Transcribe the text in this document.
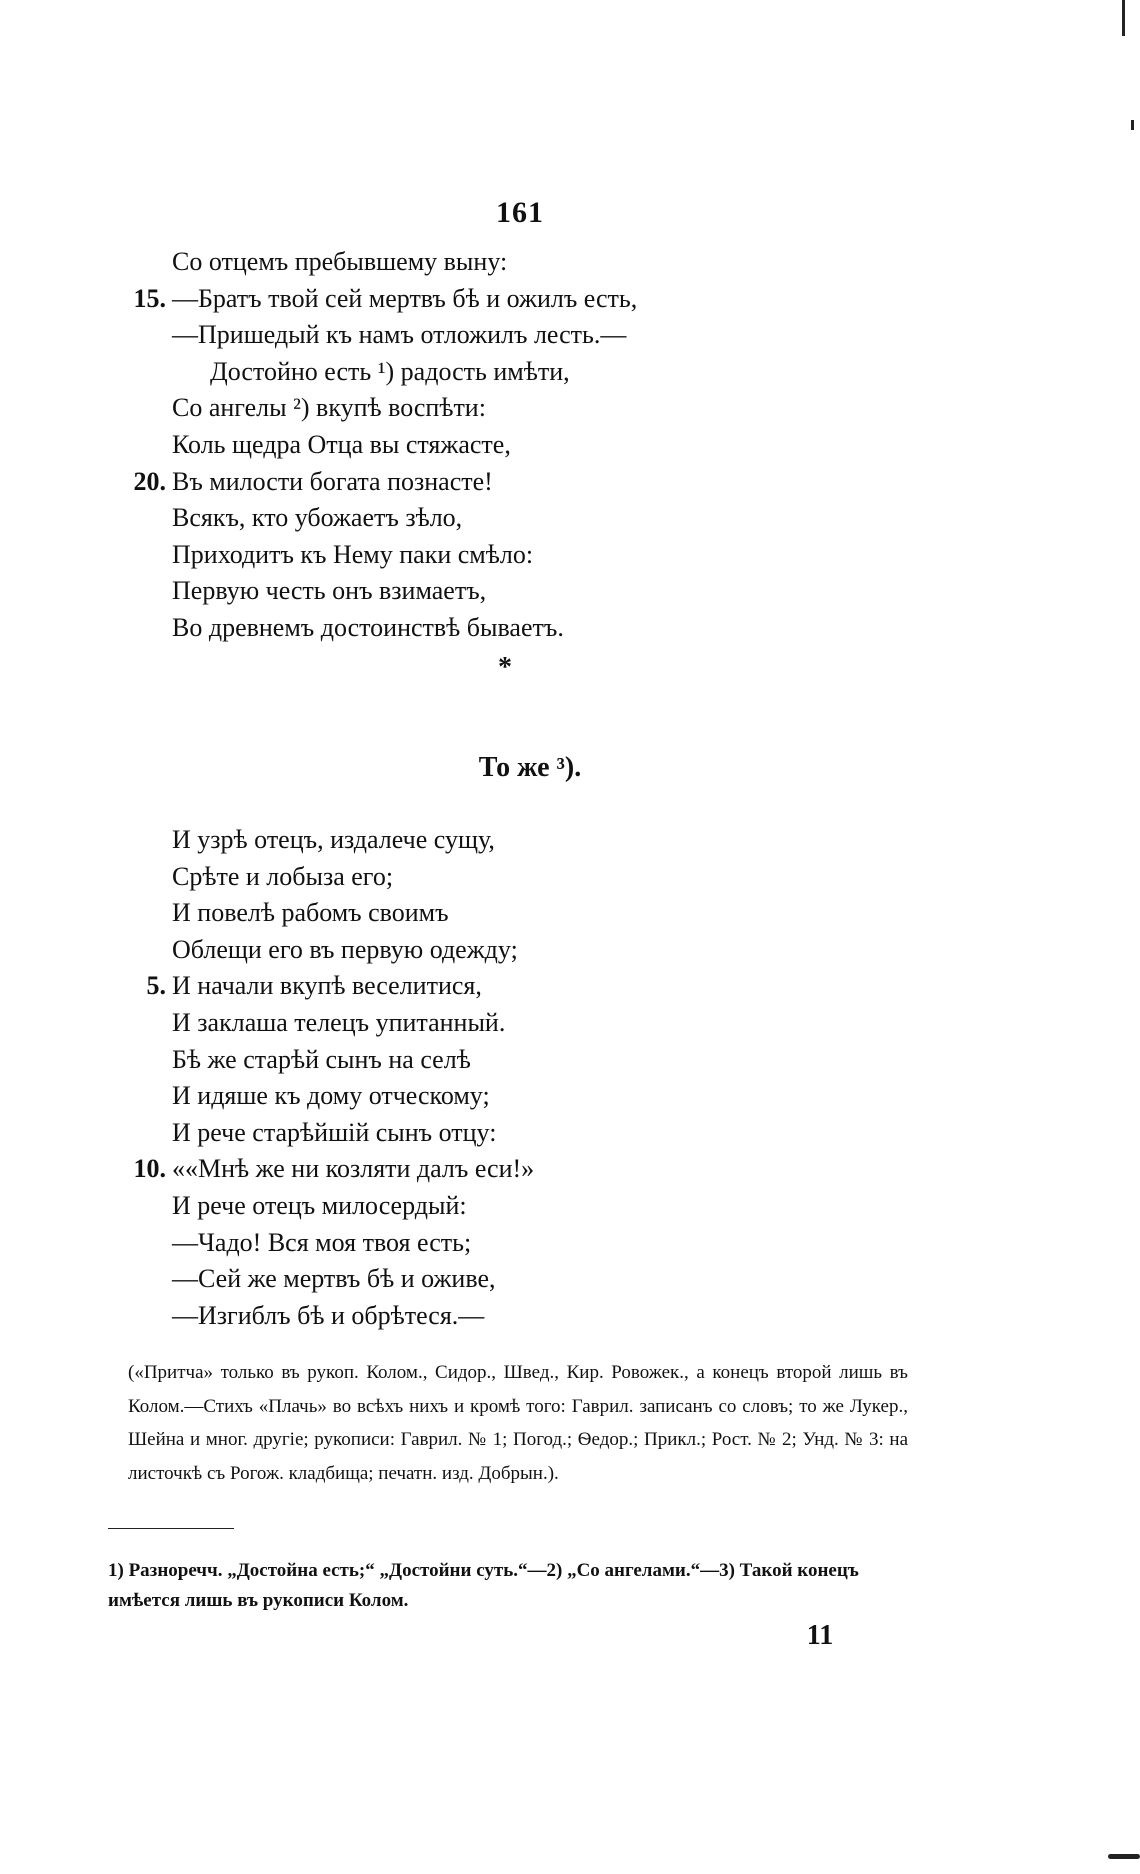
161
Со отцемъ пребывшему выну:
15. —Братъ твой сей мертвъ бѣ и ожилъ есть,
—Пришедый къ намъ отложилъ лесть.—
Достойно есть ¹) радость имѣти,
Со ангелы ²) вкупѣ воспѣти:
Коль щедра Отца вы стяжасте,
20. Въ милости богата познасте!
Всякъ, кто убожаетъ зѣло,
Приходитъ къ Нему паки смѣло:
Первую честь онъ взимаетъ,
Во древнемъ достоинствѣ бываетъ.
*
То же ³).
И узрѣ отецъ, издалече сущу,
Срѣте и лобыза его;
И повелѣ рабомъ своимъ
Облещи его въ первую одежду;
5. И начали вкупѣ веселитися,
И заклаша телецъ упитанный.
Бѣ же старѣй сынъ на селѣ
И идяше къ дому отческому;
И рече старѣйшій сынъ отцу:
10. ««Мнѣ же ни козляти далъ еси!»
И рече отецъ милосердый:
—Чадо! Вся моя твоя есть;
—Сей же мертвъ бѣ и оживе,
—Изгиблъ бѣ и обрѣтеся.—
(«Притча» только въ рукоп. Колом., Сидор., Швед., Кир. Ровожек., а конецъ второй лишь въ Колом.—Стихъ «Плачь» во всѣхъ нихъ и кромѣ того: Гаврил. записанъ со словъ; то же Лукер., Шейна и мног. другіе; рукописи: Гаврил. № 1; Погод.; Ѳедор.; Прикл.; Рост. № 2; Унд. № 3: на листочкѣ съ Рогож. кладбища; печатн. изд. Добрын.).
1) Разноречч. „Достойна есть;“ „Достойни суть.“—2) „Со ангелами.“—3) Такой конецъ имѣется лишь въ рукописи Колом.
11
